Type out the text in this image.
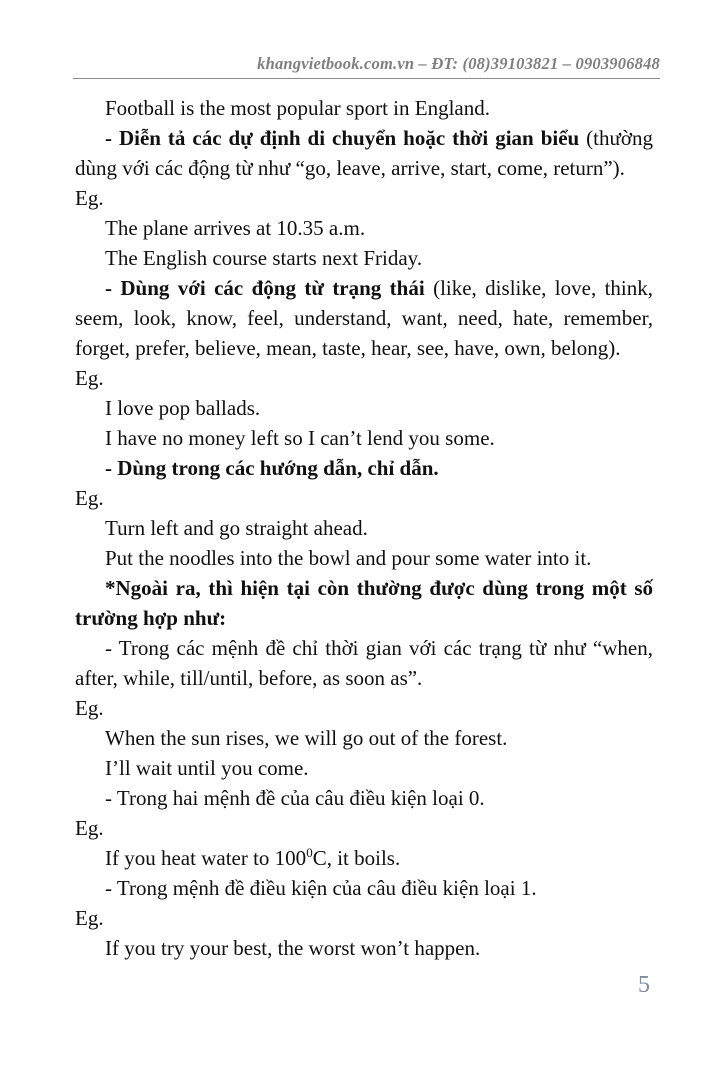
khangvietbook.com.vn – ĐT: (08)39103821 – 0903906848

Football is the most popular sport in England.

- Diễn tả các dự định di chuyển hoặc thời gian biểu (thường dùng với các động từ như “go, leave, arrive, start, come, return”).

Eg.

The plane arrives at 10.35 a.m.

The English course starts next Friday.

- Dùng với các động từ trạng thái (like, dislike, love, think, seem, look, know, feel, understand, want, need, hate, remember, forget, prefer, believe, mean, taste, hear, see, have, own, belong).

Eg.

I love pop ballads.

I have no money left so I can’t lend you some.

- Dùng trong các hướng dẫn, chỉ dẫn.

Eg.

Turn left and go straight ahead.

Put the noodles into the bowl and pour some water into it.

*Ngoài ra, thì hiện tại còn thường được dùng trong một số trường hợp như:

- Trong các mệnh đề chỉ thời gian với các trạng từ như “when, after, while, till/until, before, as soon as”.

Eg.

When the sun rises, we will go out of the forest.

I’ll wait until you come.

- Trong hai mệnh đề của câu điều kiện loại 0.

Eg.

If you heat water to $100^0C$, it boils.

- Trong mệnh đề điều kiện của câu điều kiện loại 1.

Eg.

If you try your best, the worst won’t happen.

5
